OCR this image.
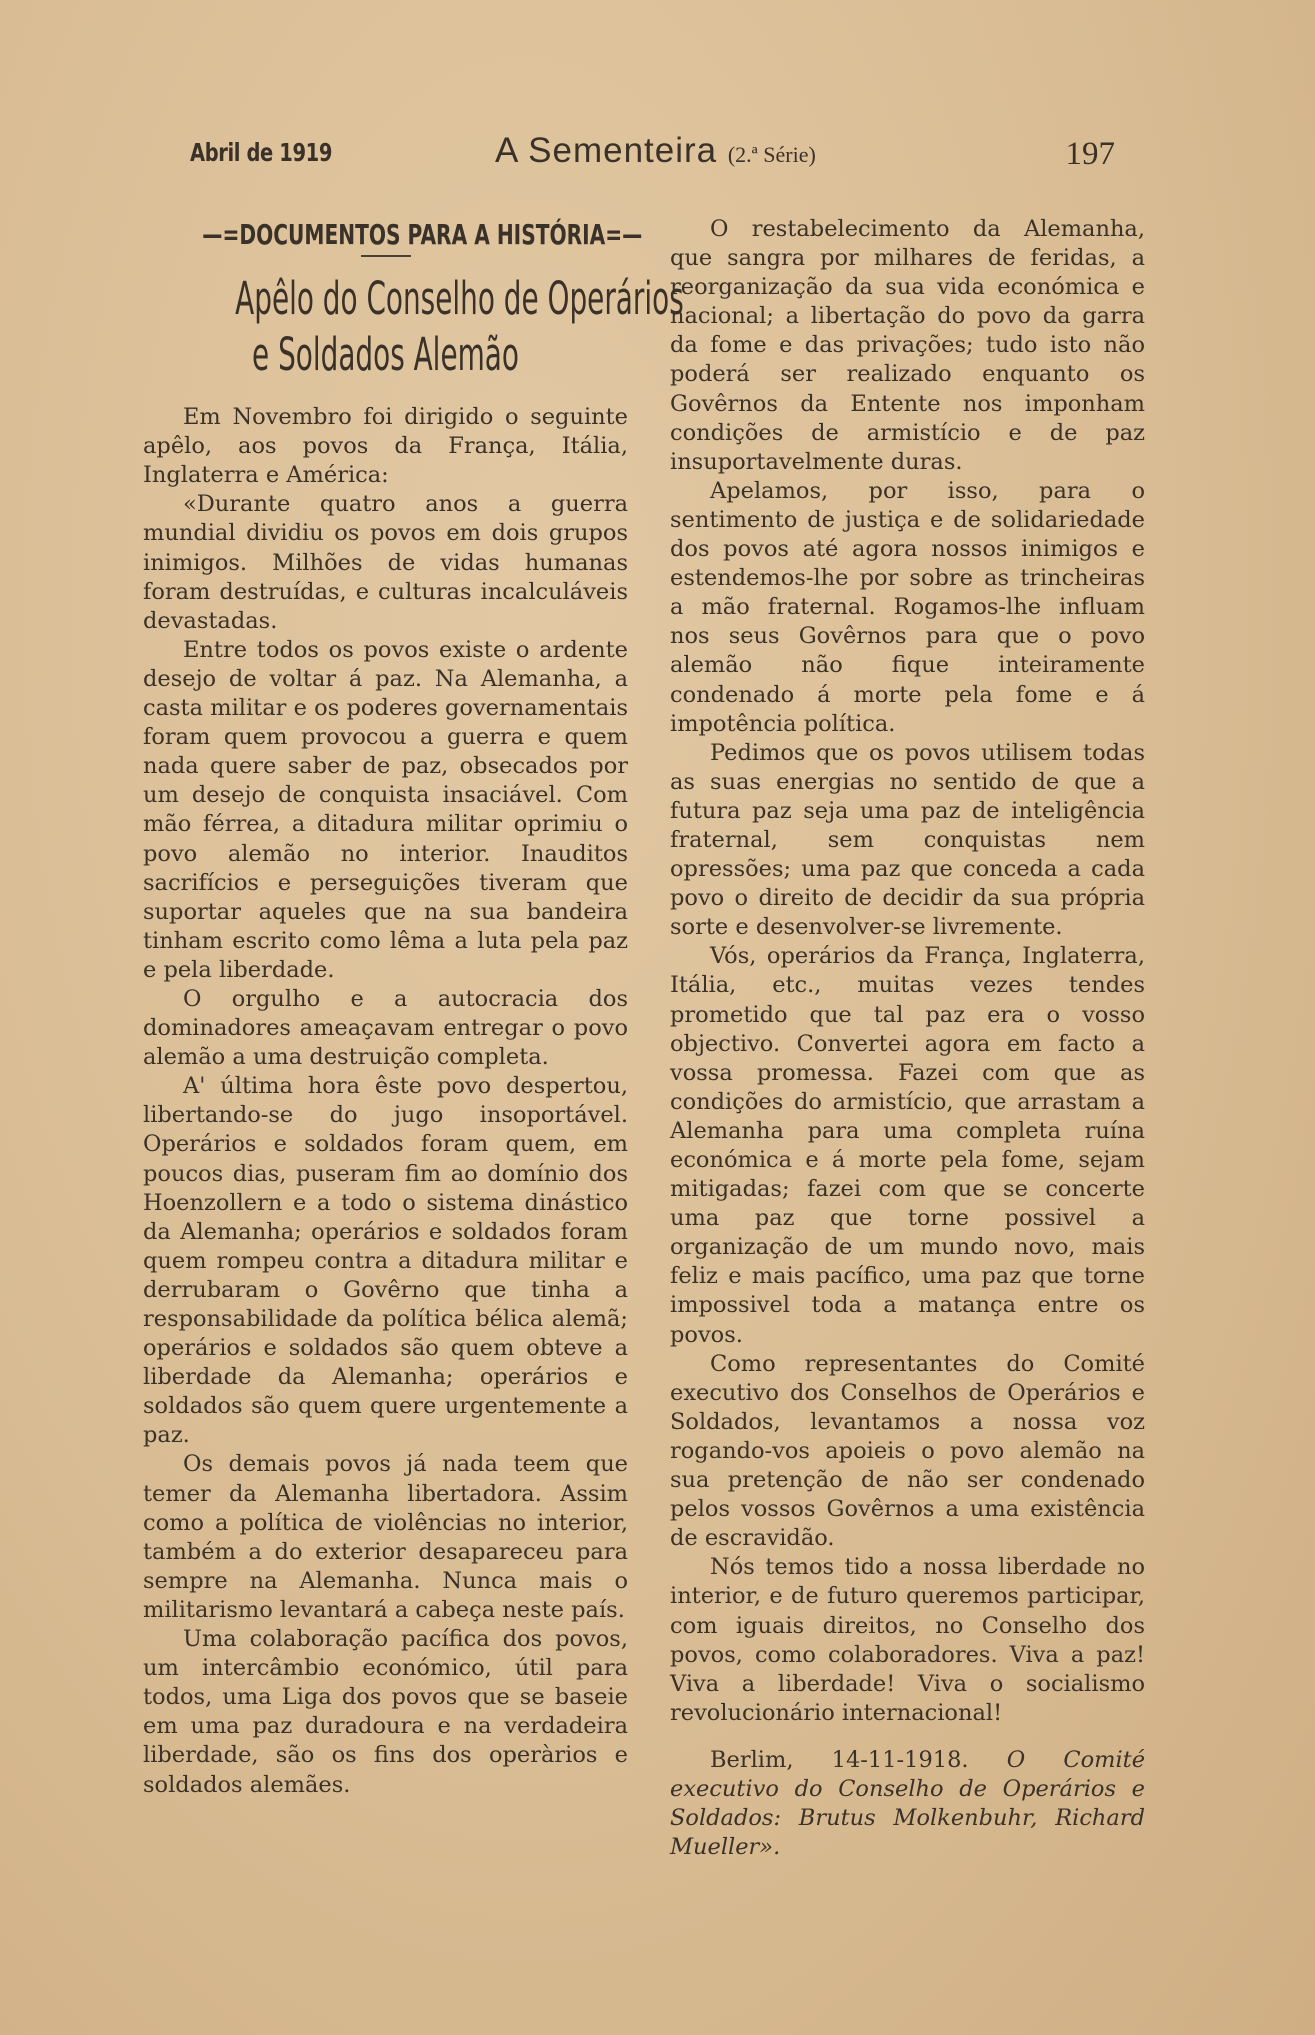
Abril de 1919	A Sementeira (2.ª Série)	197
—=DOCUMENTOS PARA A HISTÓRIA=—
Apêlo do Conselho de Operários
e Soldados Alemão

Em Novembro foi dirigido o seguinte apêlo, aos povos da França, Itália, Inglaterra e América:

«Durante quatro anos a guerra mundial dividiu os povos em dois grupos inimigos. Milhões de vidas humanas foram destruídas, e culturas incalculáveis devastadas.

Entre todos os povos existe o ardente desejo de voltar á paz. Na Alemanha, a casta militar e os poderes governamentais foram quem provocou a guerra e quem nada quere saber de paz, obsecados por um desejo de conquista insaciável. Com mão férrea, a ditadura militar oprimiu o povo alemão no interior. Inauditos sacrifícios e perseguições tiveram que suportar aqueles que na sua bandeira tinham escrito como lêma a luta pela paz e pela liberdade.

O orgulho e a autocracia dos dominadores ameaçavam entregar o povo alemão a uma destruição completa.

A' última hora êste povo despertou, libertando-se do jugo insoportável. Operários e soldados foram quem, em poucos dias, puseram fim ao domínio dos Hoenzollern e a todo o sistema dinástico da Alemanha; operários e soldados foram quem rompeu contra a ditadura militar e derrubaram o Govêrno que tinha a responsabilidade da política bélica alemã; operários e soldados são quem obteve a liberdade da Alemanha; operários e soldados são quem quere urgentemente a paz.

Os demais povos já nada teem que temer da Alemanha libertadora. Assim como a política de violências no interior, também a do exterior desapareceu para sempre na Alemanha. Nunca mais o militarismo levantará a cabeça neste país.

Uma colaboração pacífica dos povos, um intercâmbio económico, útil para todos, uma Liga dos povos que se baseie em uma paz duradoura e na verdadeira liberdade, são os fins dos operàrios e soldados alemães.

O restabelecimento da Alemanha, que sangra por milhares de feridas, a reorganização da sua vida económica e nacional; a libertação do povo da garra da fome e das privações; tudo isto não poderá ser realizado enquanto os Govêrnos da Entente nos imponham condições de armistício e de paz insuportavelmente duras.

Apelamos, por isso, para o sentimento de justiça e de solidariedade dos povos até agora nossos inimigos e estendemos-lhe por sobre as trincheiras a mão fraternal. Rogamos-lhe influam nos seus Govêrnos para que o povo alemão não fique inteiramente condenado á morte pela fome e á impotência política.

Pedimos que os povos utilisem todas as suas energias no sentido de que a futura paz seja uma paz de inteligência fraternal, sem conquistas nem opressões; uma paz que conceda a cada povo o direito de decidir da sua própria sorte e desenvolver-se livremente.

Vós, operários da França, Inglaterra, Itália, etc., muitas vezes tendes prometido que tal paz era o vosso objectivo. Convertei agora em facto a vossa promessa. Fazei com que as condições do armistício, que arrastam a Alemanha para uma completa ruína económica e á morte pela fome, sejam mitigadas; fazei com que se concerte uma paz que torne possivel a organização de um mundo novo, mais feliz e mais pacífico, uma paz que torne impossivel toda a matança entre os povos.

Como representantes do Comité executivo dos Conselhos de Operários e Soldados, levantamos a nossa voz rogando-vos apoieis o povo alemão na sua pretenção de não ser condenado pelos vossos Govêrnos a uma existência de escravidão.

Nós temos tido a nossa liberdade no interior, e de futuro queremos participar, com iguais direitos, no Conselho dos povos, como colaboradores. Viva a paz! Viva a liberdade! Viva o socialismo revolucionário internacional!

Berlim, 14-11-1918. O Comité executivo do Conselho de Operários e Soldados: Brutus Molkenbuhr, Richard Mueller».
